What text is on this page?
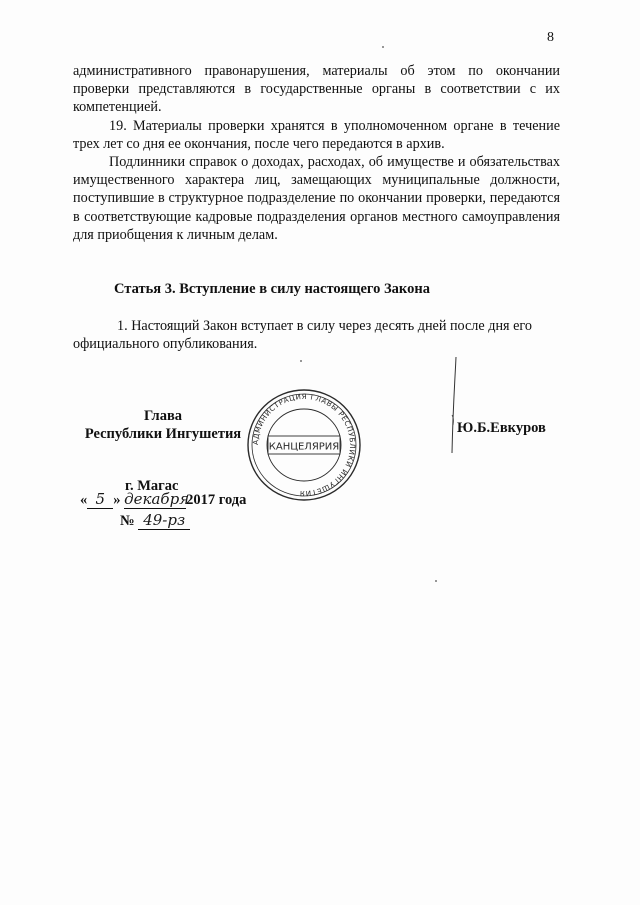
8

административного правонарушения, материалы об этом по окончании проверки представляются в государственные органы в соответствии с их компетенцией.

19. Материалы проверки хранятся в уполномоченном органе в течение трех лет со дня ее окончания, после чего передаются в архив.

Подлинники справок о доходах, расходах, об имуществе и обязательствах имущественного характера лиц, замещающих муниципальные должности, поступившие в структурное подразделение по окончании проверки, передаются в соответствующие кадровые подразделения органов местного самоуправления для приобщения к личным делам.

Статья 3. Вступление в силу настоящего Закона

1. Настоящий Закон вступает в силу через десять дней после дня его официального опубликования.

Глава
Республики Ингушетия
АДМИНИСТРАЦИЯ ГЛАВЫ РЕСПУБЛИКИ ИНГУШЕТИЯ
КАНЦЕЛЯРИЯ
Ю.Б.Евкуров
г. Магас
« 5 » декабря2017 года
№ 49-рз
